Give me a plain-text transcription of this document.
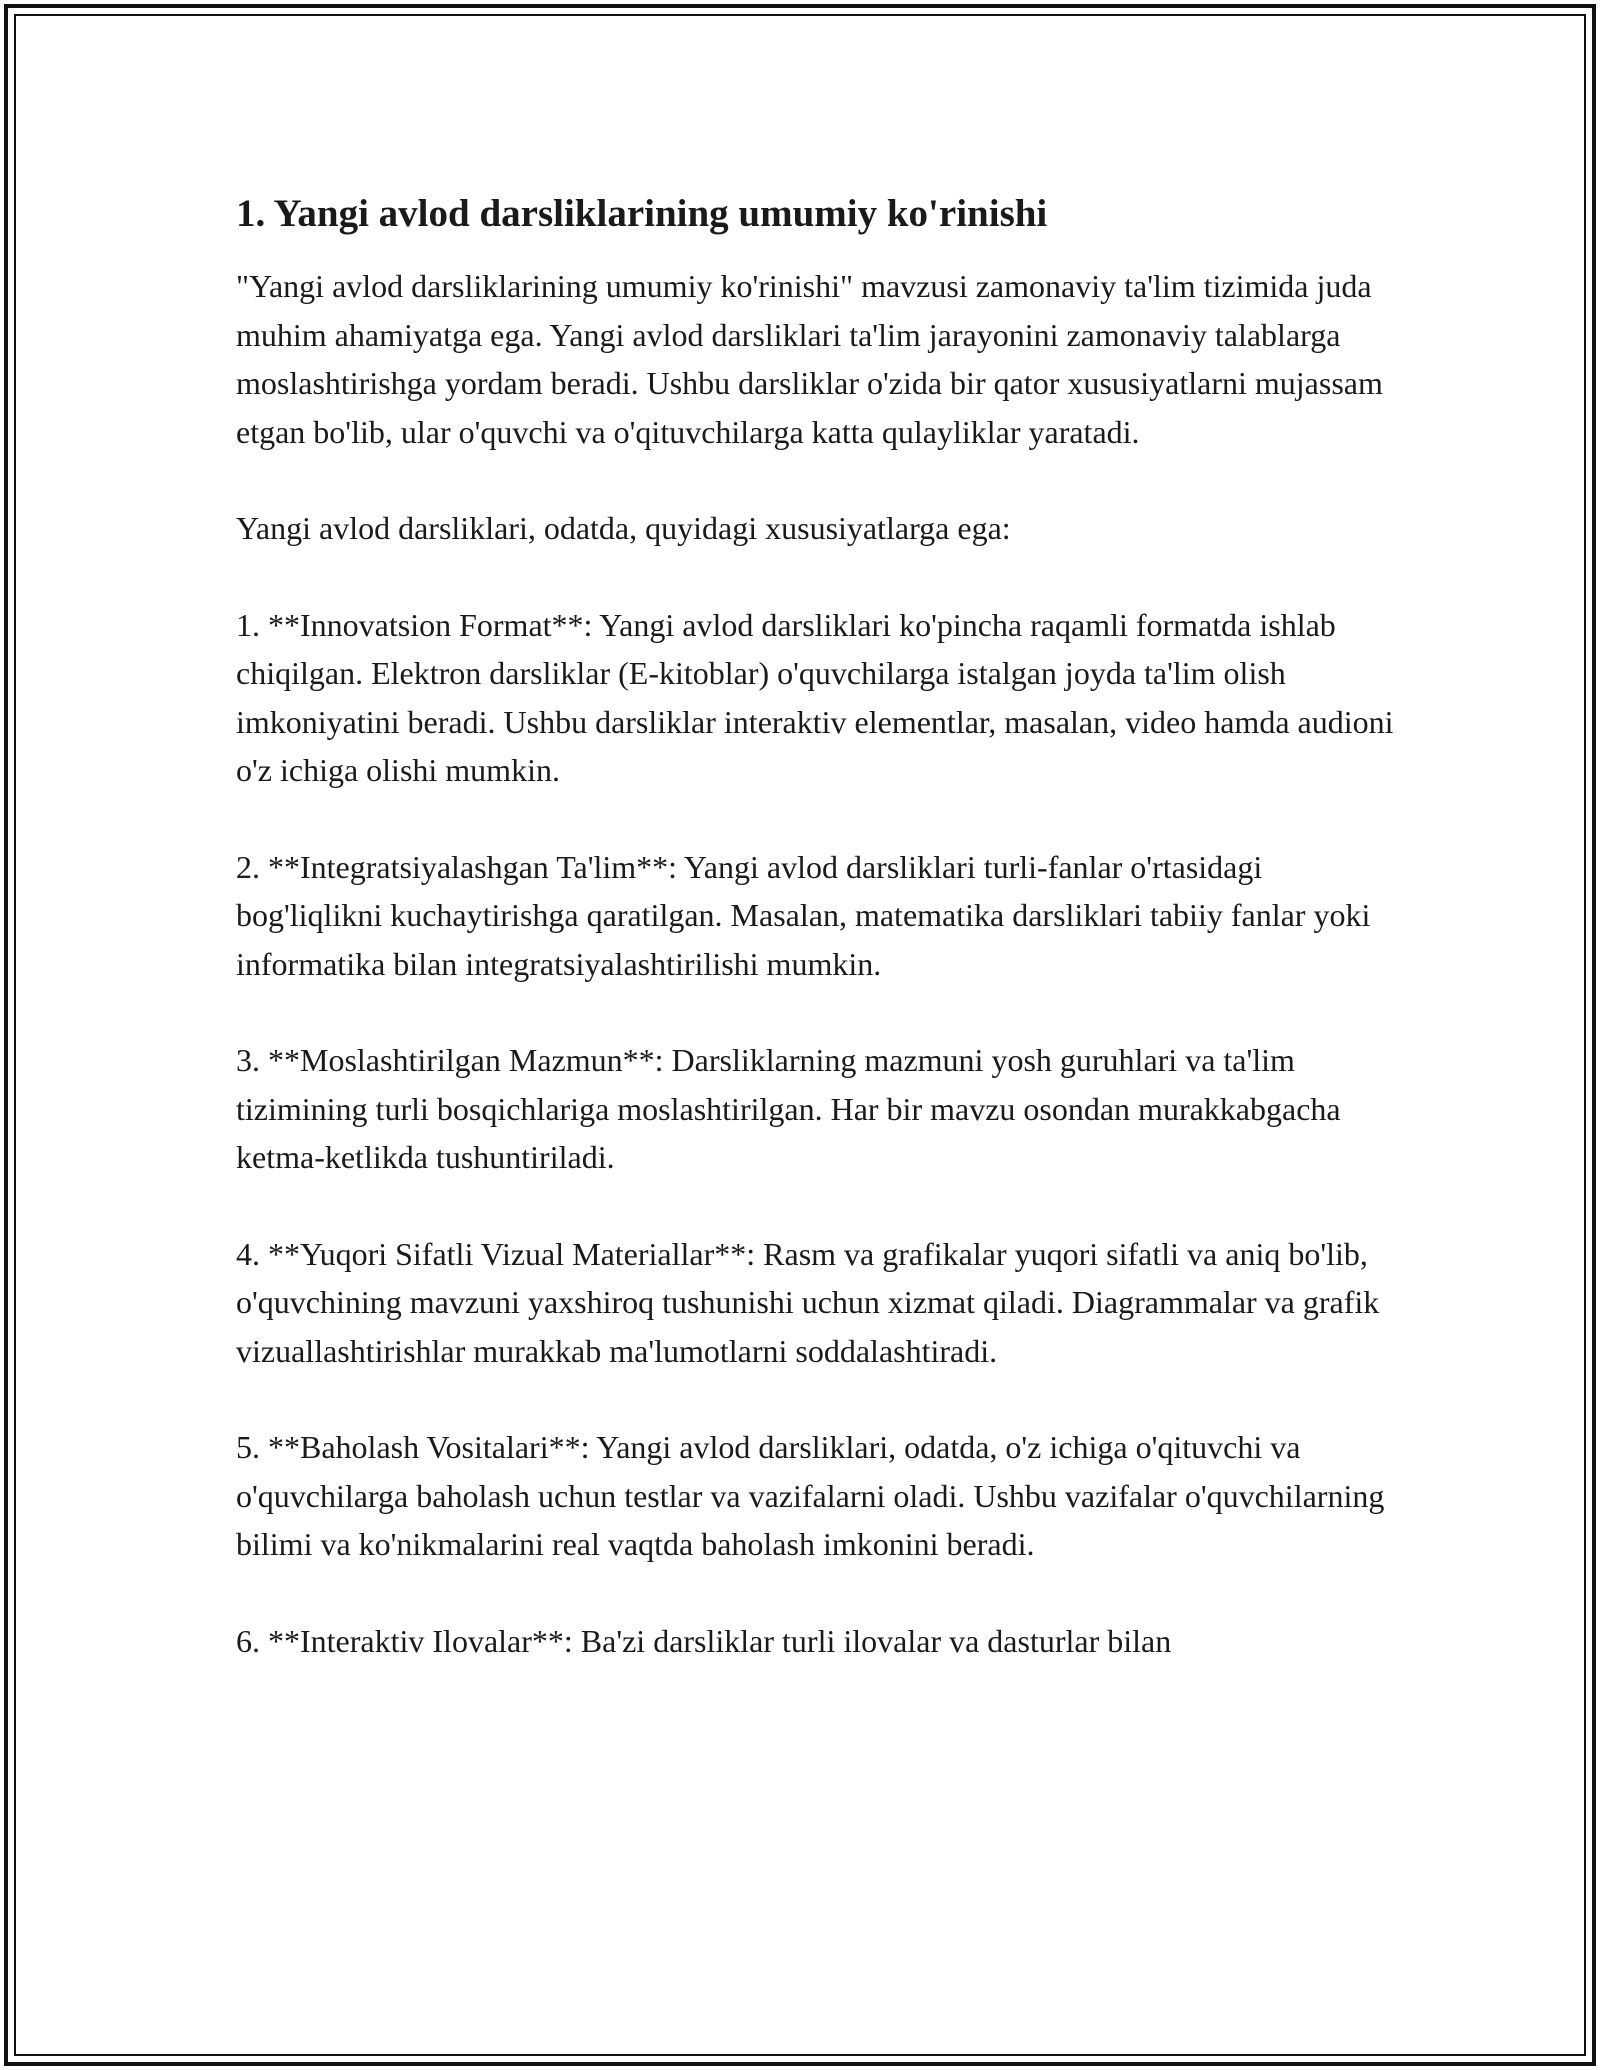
1. Yangi avlod darsliklarining umumiy ko'rinishi

"Yangi avlod darsliklarining umumiy ko'rinishi" mavzusi zamonaviy ta'lim tizimida juda muhim ahamiyatga ega. Yangi avlod darsliklari ta'lim jarayonini zamonaviy talablarga moslashtirishga yordam beradi. Ushbu darsliklar o'zida bir qator xususiyatlarni mujassam etgan bo'lib, ular o'quvchi va o'qituvchilarga katta qulayliklar yaratadi.

Yangi avlod darsliklari, odatda, quyidagi xususiyatlarga ega:

1. **Innovatsion Format**: Yangi avlod darsliklari ko'pincha raqamli formatda ishlab chiqilgan. Elektron darsliklar (E-kitoblar) o'quvchilarga istalgan joyda ta'lim olish imkoniyatini beradi. Ushbu darsliklar interaktiv elementlar, masalan, video hamda audioni o'z ichiga olishi mumkin.

2. **Integratsiyalashgan Ta'lim**: Yangi avlod darsliklari turli-fanlar o'rtasidagi bog'liqlikni kuchaytirishga qaratilgan. Masalan, matematika darsliklari tabiiy fanlar yoki informatika bilan integratsiyalashtirilishi mumkin.

3. **Moslashtirilgan Mazmun**: Darsliklarning mazmuni yosh guruhlari va ta'lim tizimining turli bosqichlariga moslashtirilgan. Har bir mavzu osondan murakkabgacha ketma-ketlikda tushuntiriladi.

4. **Yuqori Sifatli Vizual Materiallar**: Rasm va grafikalar yuqori sifatli va aniq bo'lib, o'quvchining mavzuni yaxshiroq tushunishi uchun xizmat qiladi. Diagrammalar va grafik vizuallashtirishlar murakkab ma'lumotlarni soddalashtiradi.

5. **Baholash Vositalari**: Yangi avlod darsliklari, odatda, o'z ichiga o'qituvchi va o'quvchilarga baholash uchun testlar va vazifalarni oladi. Ushbu vazifalar o'quvchilarning bilimi va ko'nikmalarini real vaqtda baholash imkonini beradi.

6. **Interaktiv Ilovalar**: Ba'zi darsliklar turli ilovalar va dasturlar bilan
